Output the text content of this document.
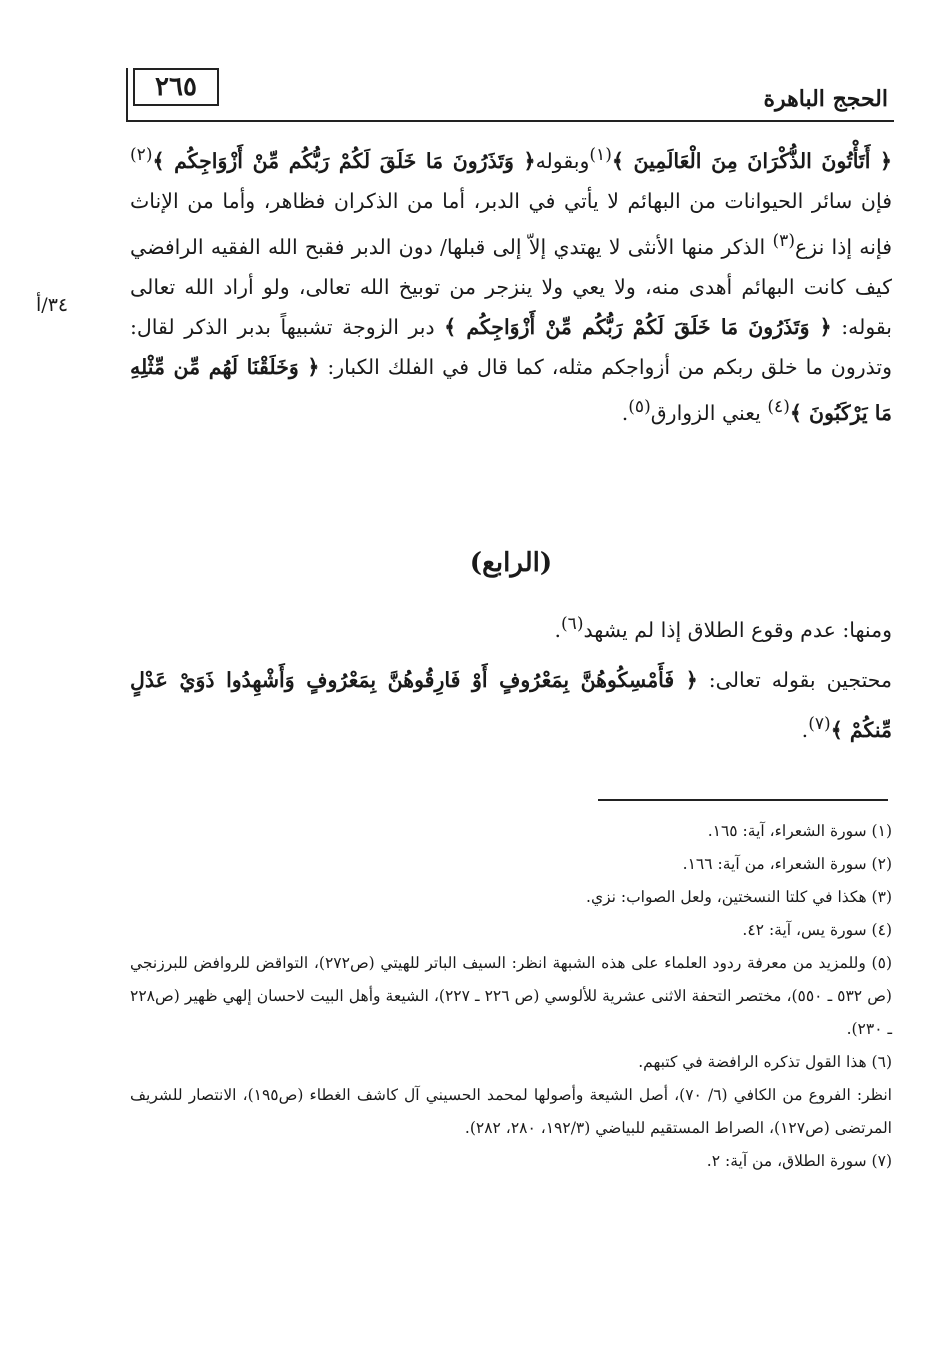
٢٦٥	الحجج الباهرة
٣٤/أ

﴿ أَتَأْتُونَ الذُّكْرَانَ مِنَ الْعَالَمِينَ ﴾$^{(١)}$وبقوله﴿ وَتَذَرُونَ مَا خَلَقَ لَكُمْ رَبُّكُم مِّنْ أَزْوَاجِكُم ﴾$^{(٢)}$ فإن سائر الحيوانات من البهائم لا يأتي في الدبر، أما من الذكران فظاهر، وأما من الإناث فإنه إذا نزع$^{(٣)}$ الذكر منها الأنثى لا يهتدي إلاّ إلى قبلها/ دون الدبر فقبح الله الفقيه الرافضي كيف كانت البهائم أهدى منه، ولا يعي ولا ينزجر من توبيخ الله تعالى، ولو أراد الله تعالى بقوله: ﴿ وَتَذَرُونَ مَا خَلَقَ لَكُمْ رَبُّكُم مِّنْ أَزْوَاجِكُم ﴾ دبر الزوجة تشبيهاً بدبر الذكر لقال: وتذرون ما خلق ربكم من أزواجكم مثله، كما قال في الفلك الكبار: ﴿ وَخَلَقْنَا لَهُم مِّن مِّثْلِهِ مَا يَرْكَبُونَ ﴾$^{(٤)}$ يعني الزوارق$^{(٥)}$.

(الرابع)

ومنها: عدم وقوع الطلاق إذا لم يشهد$^{(٦)}$.

محتجين بقوله تعالى: ﴿ فَأَمْسِكُوهُنَّ بِمَعْرُوفٍ أَوْ فَارِقُوهُنَّ بِمَعْرُوفٍ وَأَشْهِدُوا ذَوَيْ عَدْلٍ مِّنكُمْ ﴾$^{(٧)}$.

(١) سورة الشعراء، آية: ١٦٥.
(٢) سورة الشعراء، من آية: ١٦٦.
(٣) هكذا في كلتا النسختين، ولعل الصواب: نزي.
(٤) سورة يس، آية: ٤٢.
(٥) وللمزيد من معرفة ردود العلماء على هذه الشبهة انظر: السيف الباتر للهيتي (ص٢٧٢)، التواقض للروافض للبرزنجي (ص ٥٣٢ ـ ٥٥٠)، مختصر التحفة الاثنى عشرية للألوسي (ص ٢٢٦ ـ ٢٢٧)، الشيعة وأهل البيت لاحسان إلهي ظهير (ص٢٢٨ ـ ٢٣٠).
(٦) هذا القول تذكره الرافضة في كتبهم.
انظر: الفروع من الكافي (٦/ ٧٠)، أصل الشيعة وأصولها لمحمد الحسيني آل كاشف الغطاء (ص١٩٥)، الانتصار للشريف المرتضى (ص١٢٧)، الصراط المستقيم للبياضي (١٩٢/٣، ٢٨٠، ٢٨٢).
(٧) سورة الطلاق، من آية: ٢.
